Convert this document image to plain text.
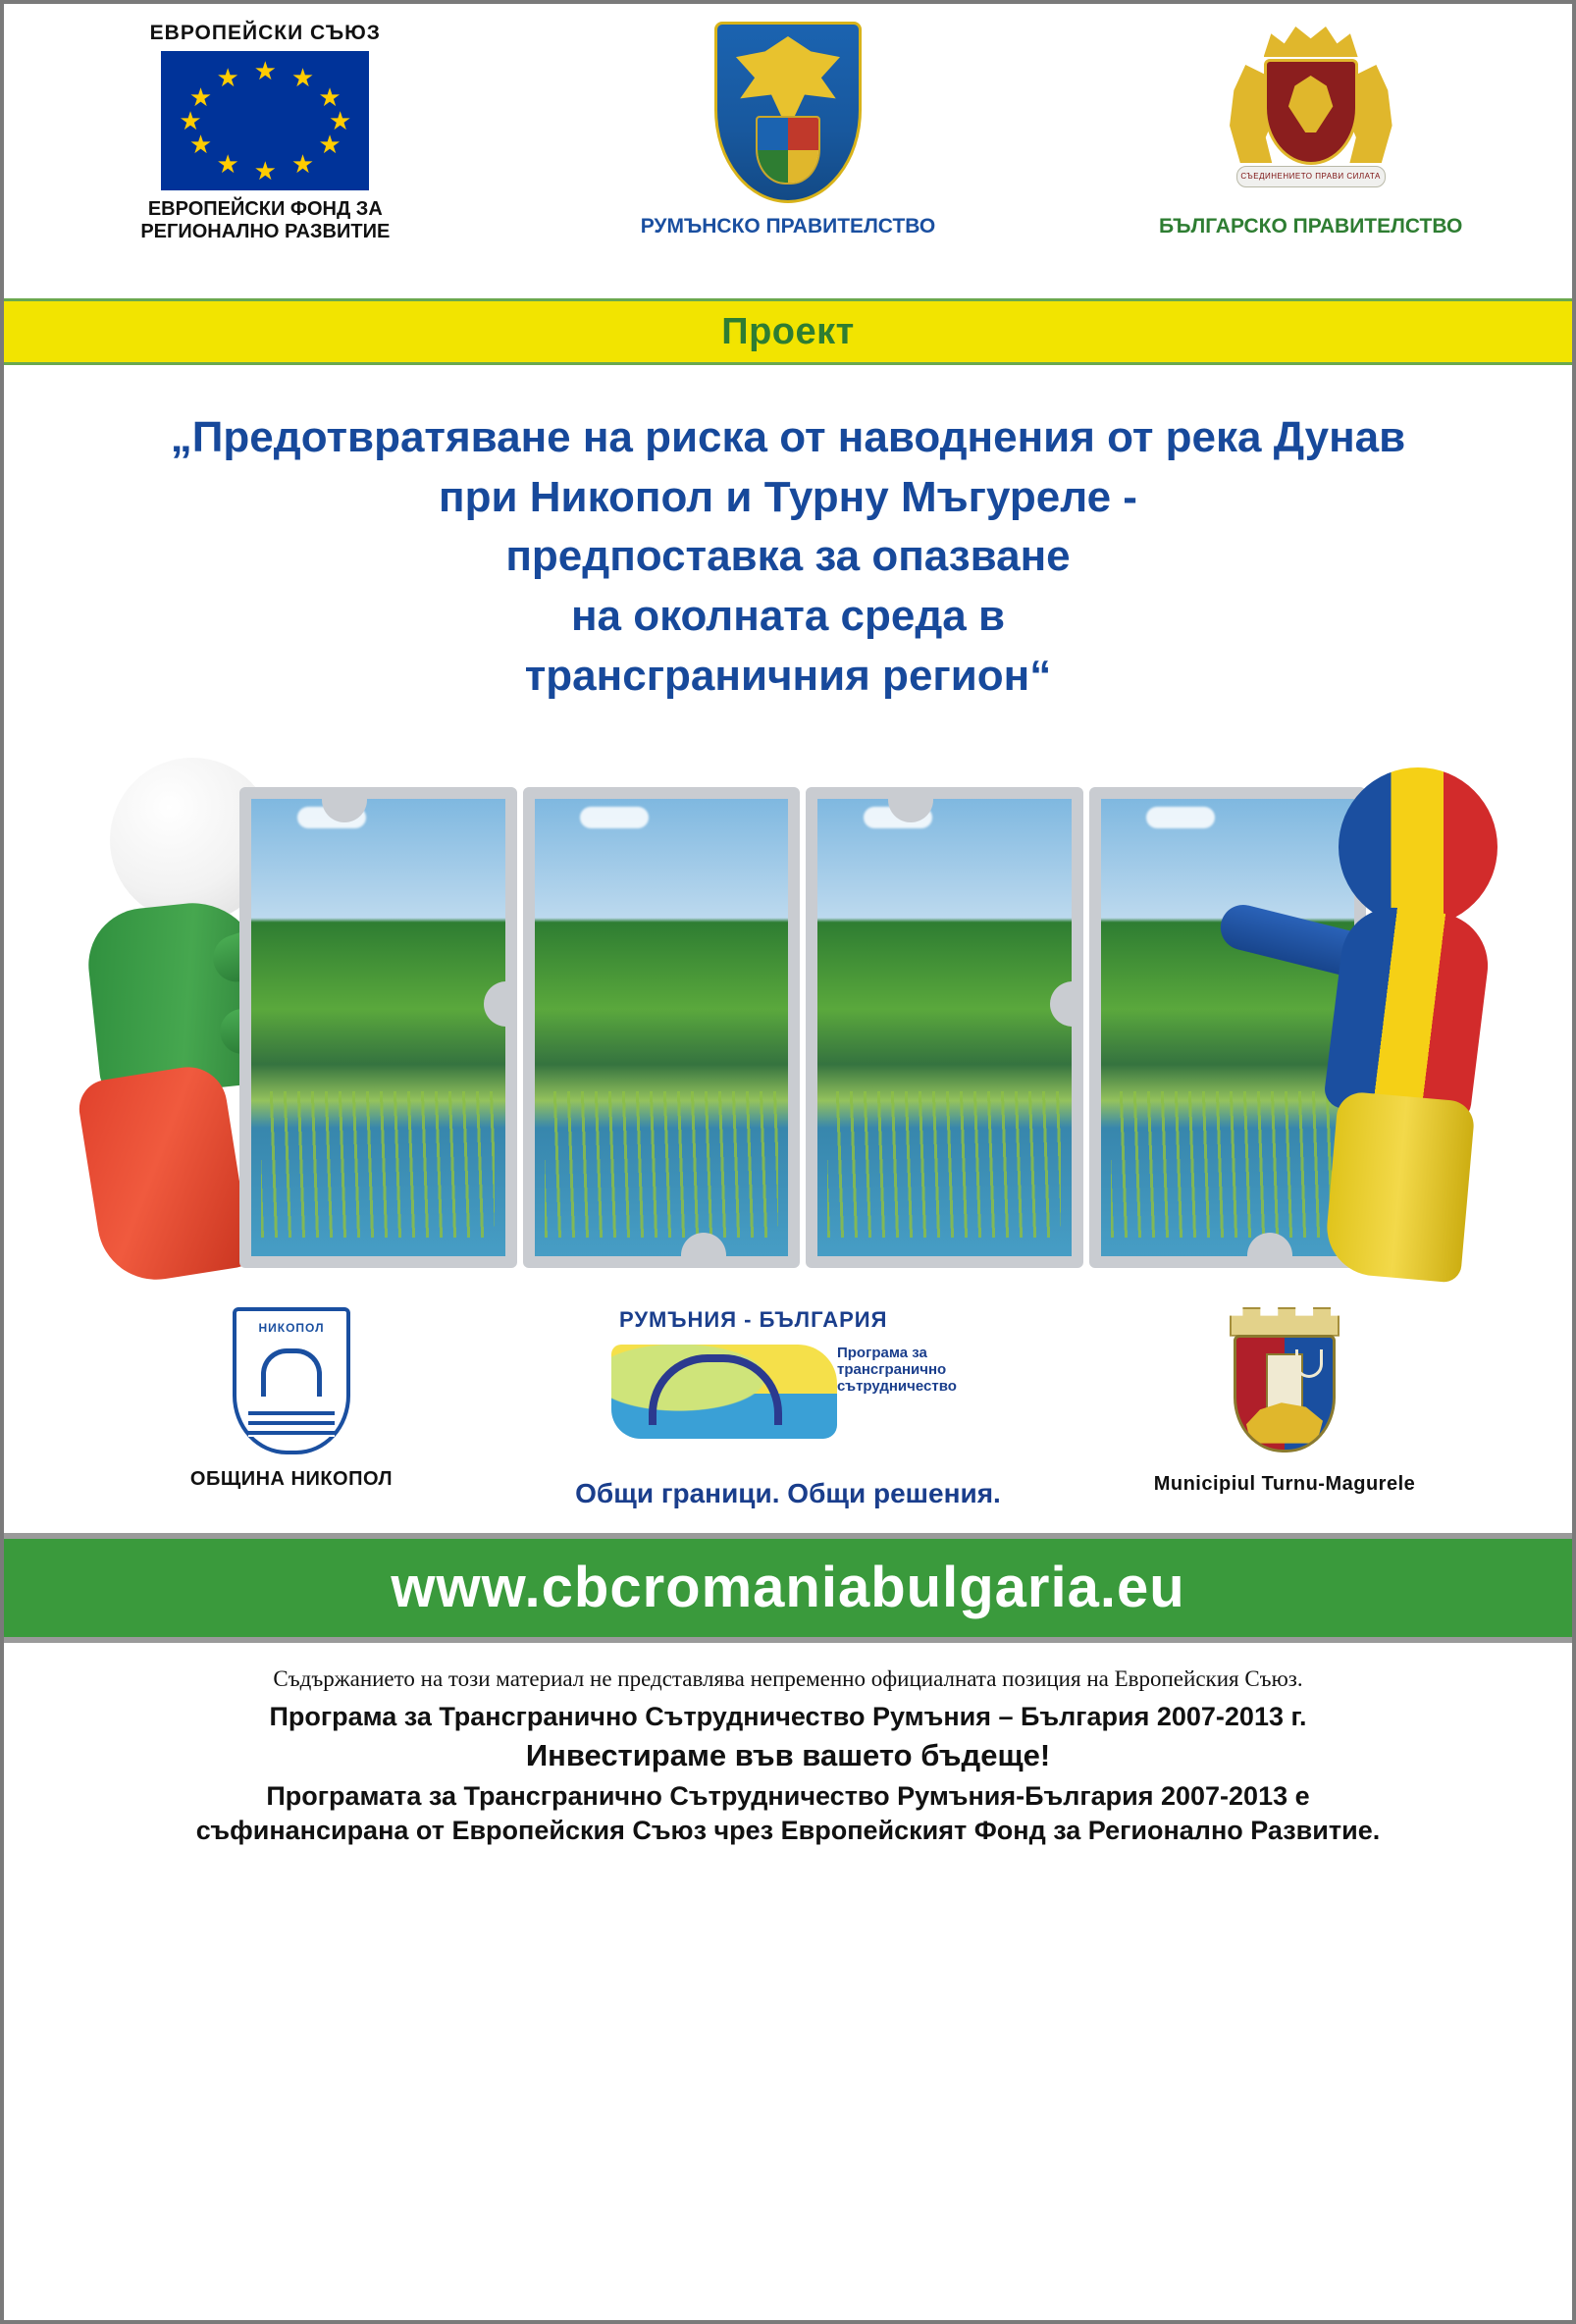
ЕВРОПЕЙСКИ СЪЮЗ
★ ★
★
★
★
★
★
★
★
★
★
★
ЕВРОПЕЙСКИ ФОНД ЗА
РЕГИОНАЛНО РАЗВИТИЕ	РУМЪНСКО ПРАВИТЕЛСТВО
СЪЕДИНЕНИЕТО ПРАВИ СИЛАТА
БЪЛГАРСКО ПРАВИТЕЛСТВО
Проект
„Предотвратяване на риска от наводнения от река Дунав
при Никопол и Турну Мъгуреле -
предпоставка за опазване
на околната среда в
трансграничния регион“
НИКОПОЛ
ОБЩИНА НИКОПОЛ
РУМЪНИЯ - БЪЛГАРИЯ
Програма за
трансгранично
сътрудничество
Общи граници. Общи решения.	Municipiul Turnu-Magurele
www.cbcromaniabulgaria.eu
Съдържанието на този материал не представлява непременно официалната позиция на Европейския Съюз.
Програма за Трансгранично Сътрудничество Румъния – България 2007-2013 г.
Инвестираме във вашето бъдеще!
Програмата за Трансгранично Сътрудничество Румъния-България 2007-2013 е
съфинансирана от Европейския Съюз чрез Европейският Фонд за Регионално Развитие.
